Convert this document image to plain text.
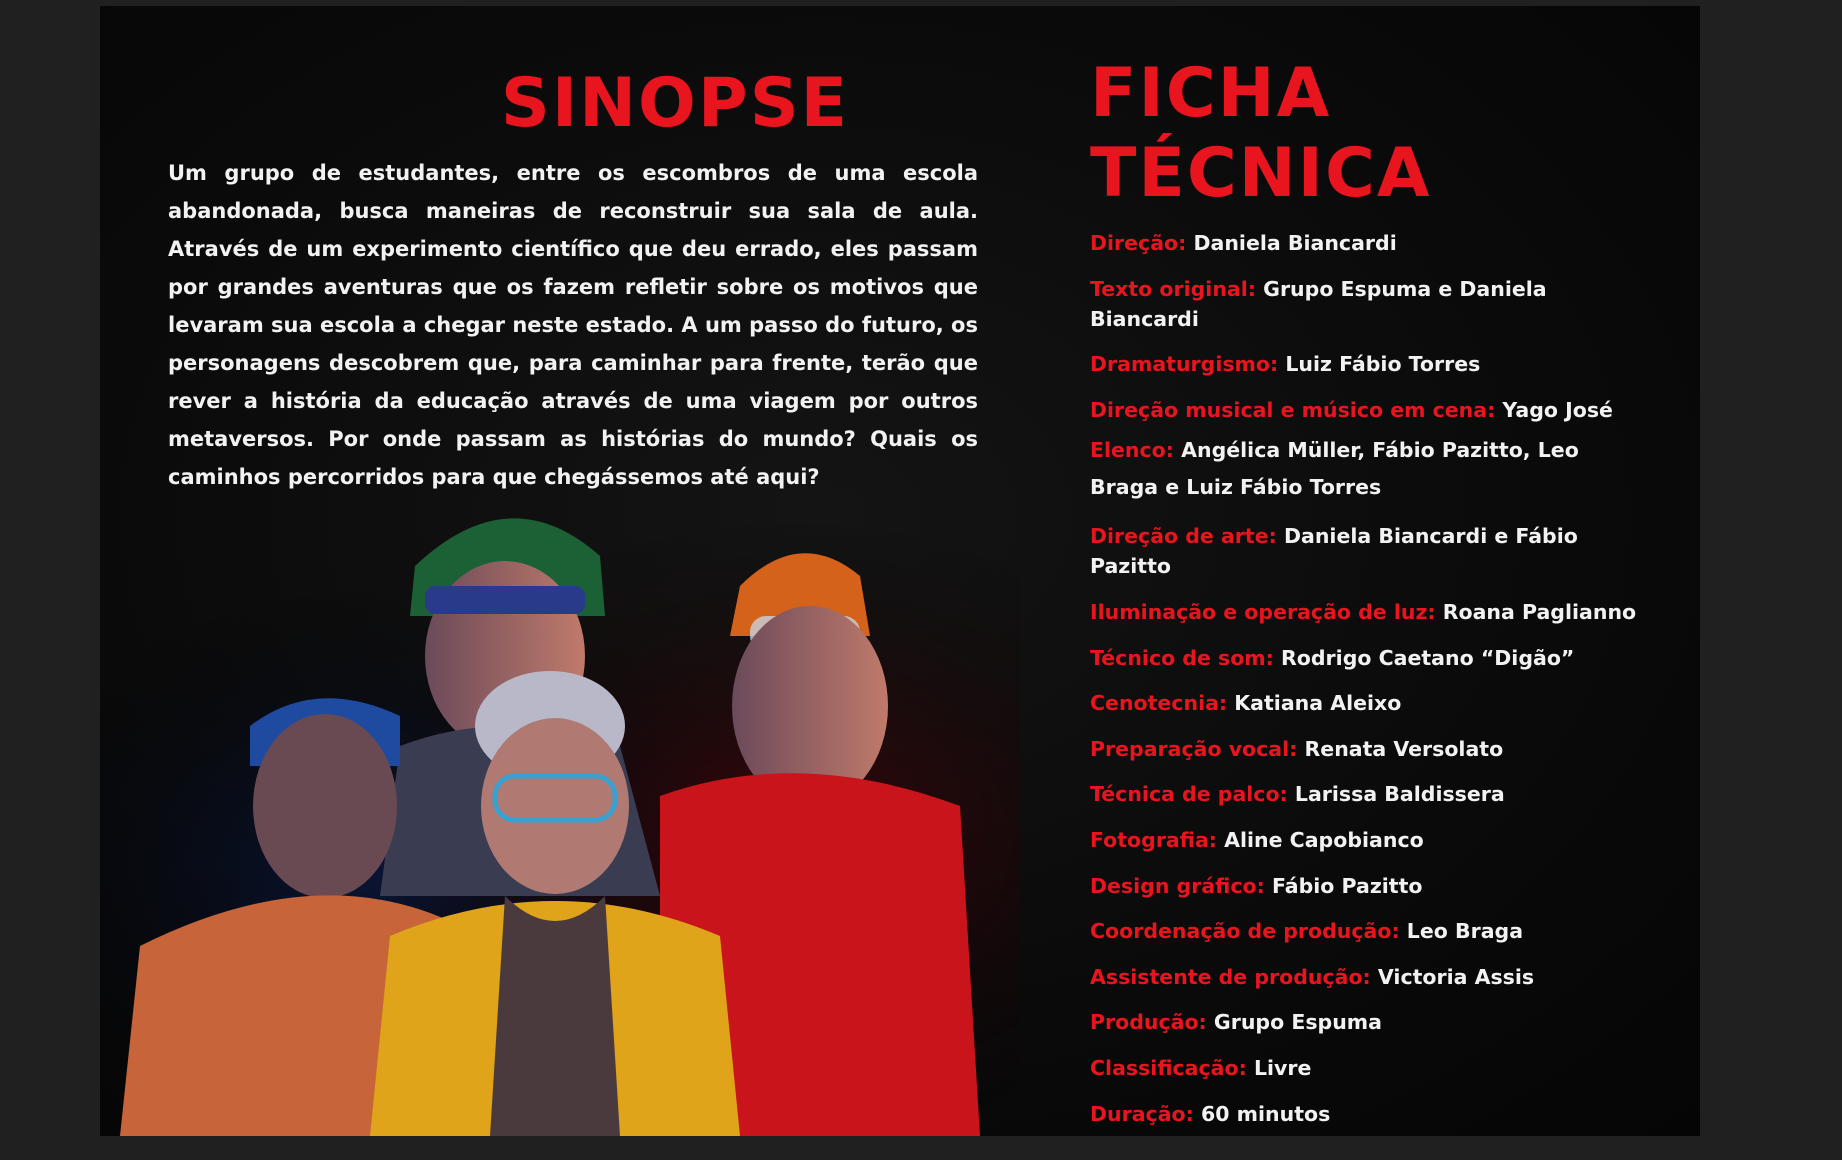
SINOPSE

Um grupo de estudantes, entre os escombros de uma escola abandonada, busca maneiras de reconstruir sua sala de aula. Através de um experimento científico que deu errado, eles passam por grandes aventuras que os fazem refletir sobre os motivos que levaram sua escola a chegar neste estado. A um passo do futuro, os personagens descobrem que, para caminhar para frente, terão que rever a história da educação através de uma viagem por outros metaversos. Por onde passam as histórias do mundo? Quais os

FICHA
TÉCNICA
Direção: Daniela Biancardi
Texto original: Grupo Espuma e Daniela Biancardi
Dramaturgismo: Luiz Fábio Torres
Direção musical e músico em cena: Yago José
Elenco: Angélica Müller, Fábio Pazitto, Leo Braga e Luiz Fábio Torres
Direção de arte: Daniela Biancardi e Fábio Pazitto
Iluminação e operação de luz: Roana Paglianno
Técnico de som: Rodrigo Caetano “Digão”
Cenotecnia: Katiana Aleixo
Preparação vocal: Renata Versolato
Técnica de palco: Larissa Baldissera
Fotografia: Aline Capobianco
Design gráfico: Fábio Pazitto
Coordenação de produção: Leo Braga
Assistente de produção: Victoria Assis
Produção: Grupo Espuma
Classificação: Livre
Duração: 60 minutos
